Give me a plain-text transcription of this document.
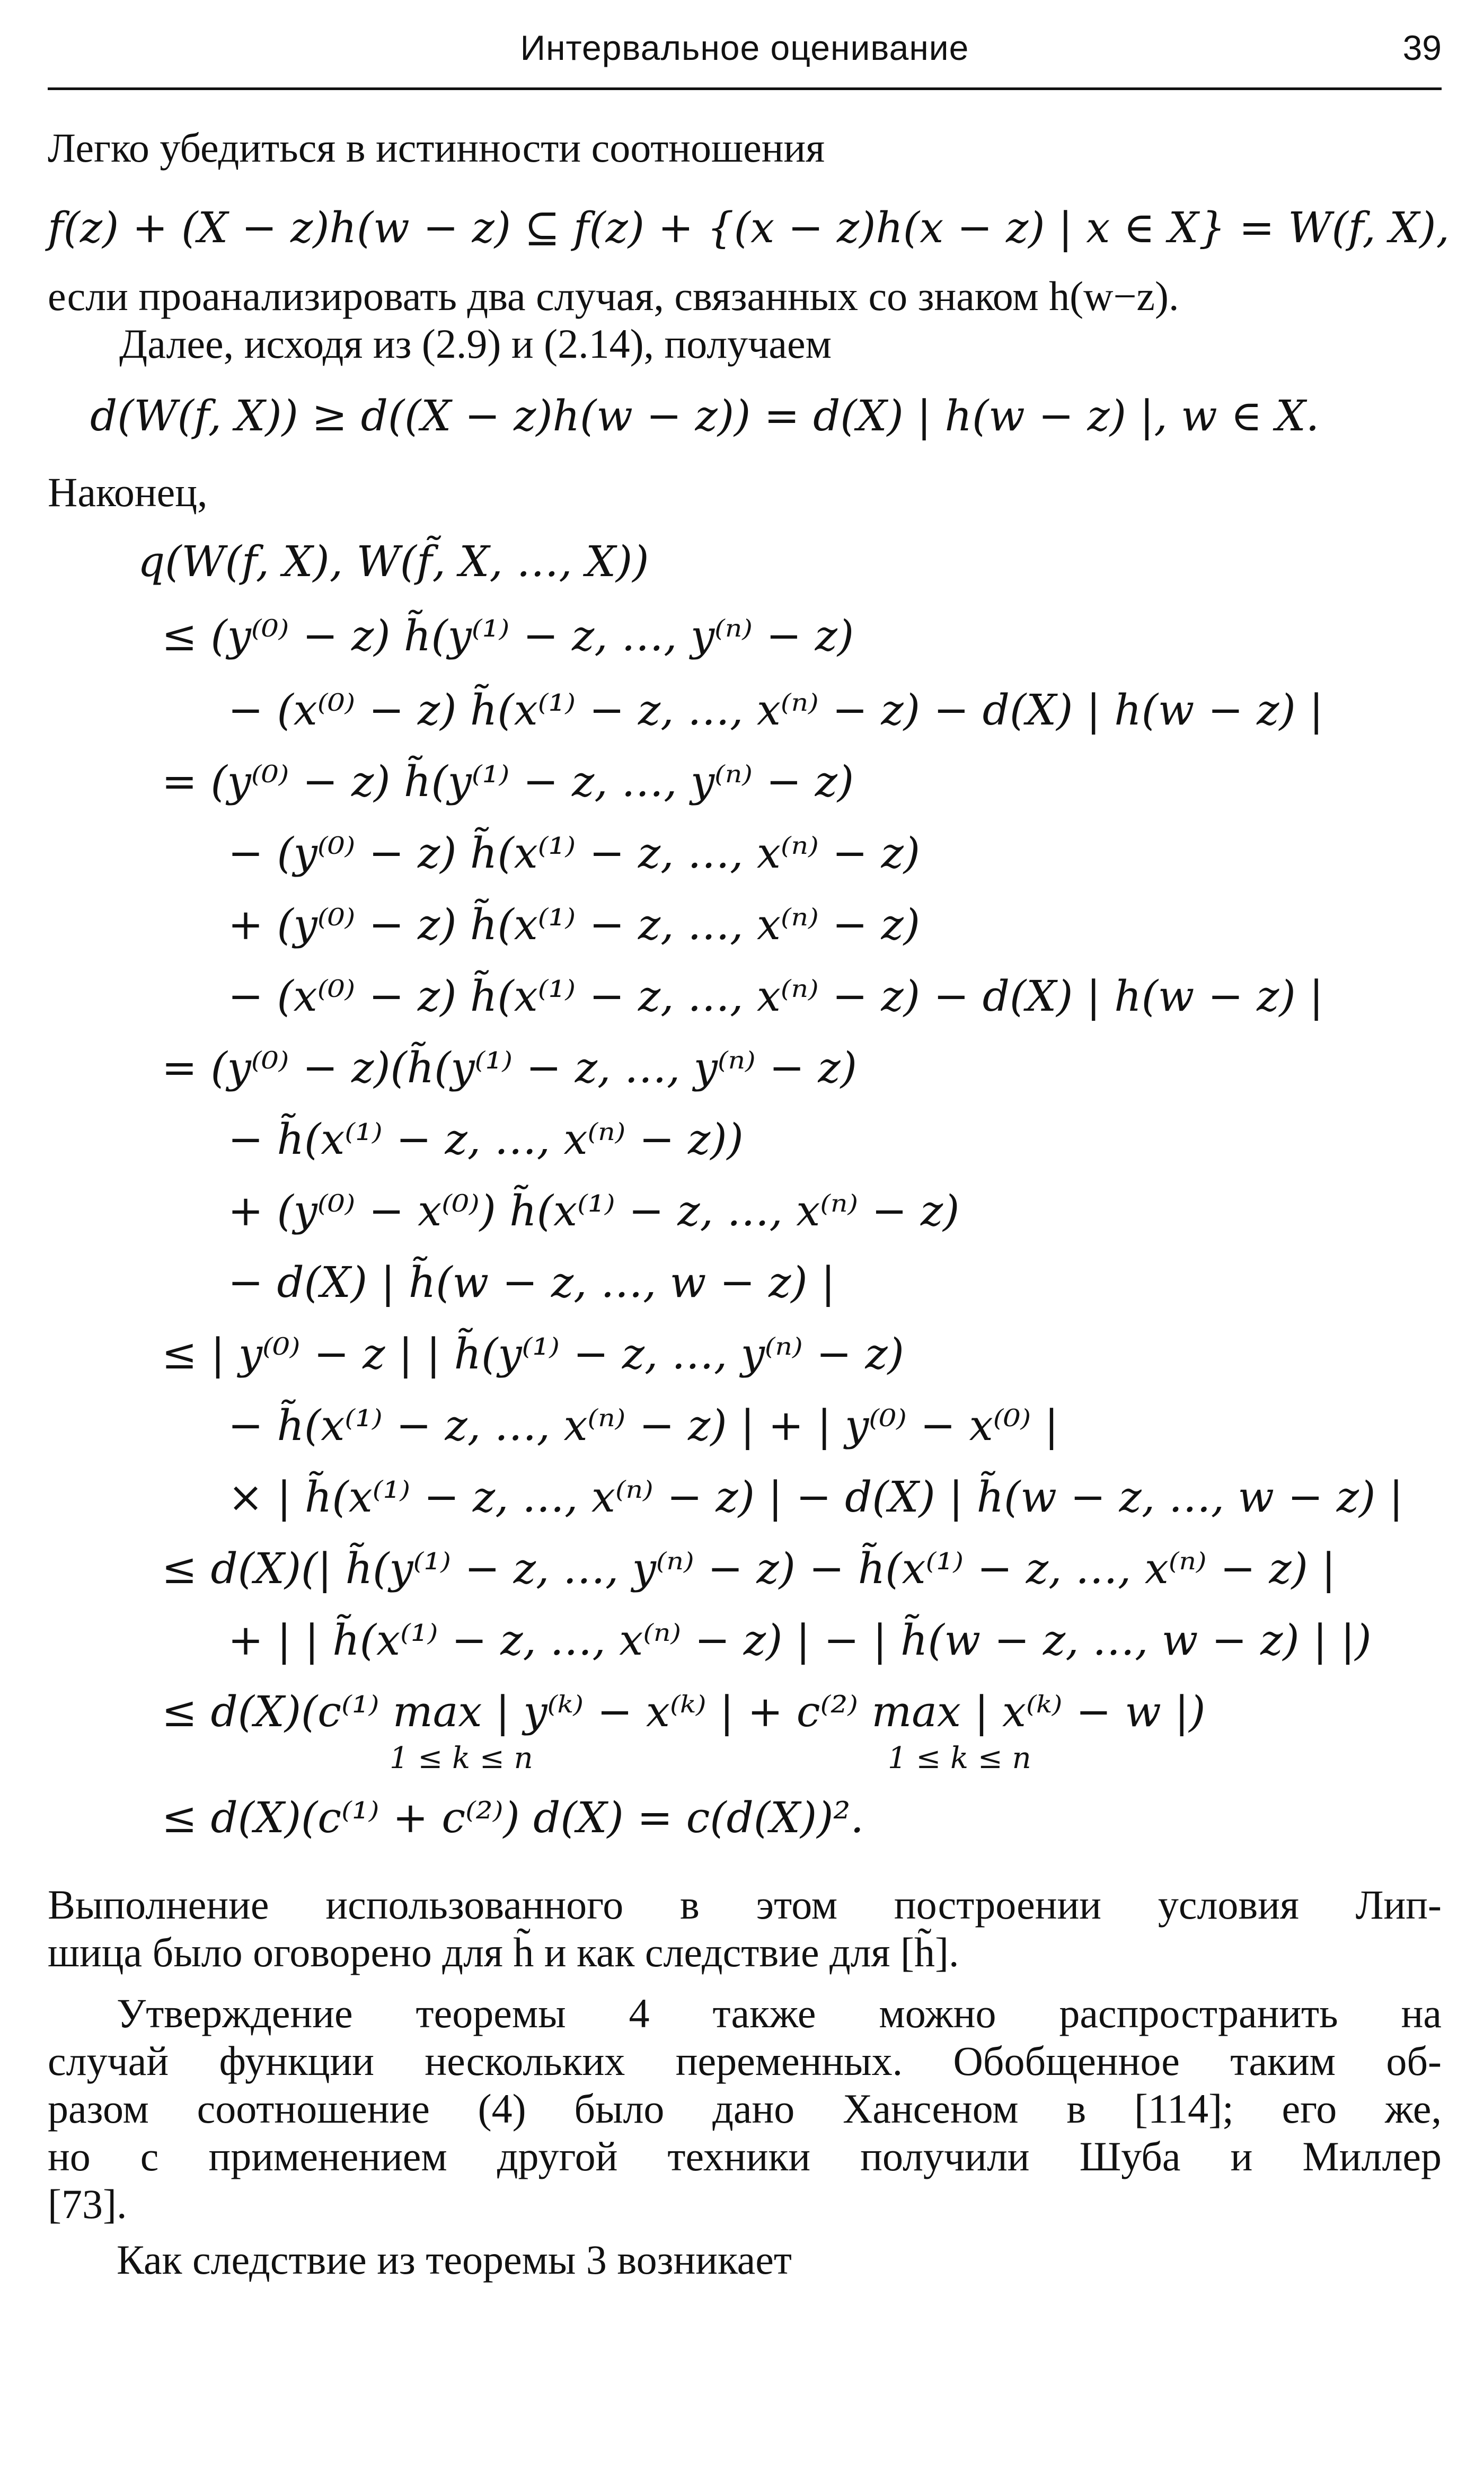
Интервальное оценивание	39
Легко убедиться в истинности соотношения
f(z) + (X − z)h(w − z) ⊆ f(z) + {(x − z)h(x − z) | x ∈ X} = W(f, X),
если проанализировать два случая, связанных со знаком h(w−z).
Далее, исходя из (2.9) и (2.14), получаем
d(W(f, X)) ≥ d((X − z)h(w − z)) = d(X) | h(w − z) |, w ∈ X.
Наконец,
q(W(f, X), W(f̃, X, …, X))
≤ (y⁽⁰⁾ − z) h̃(y⁽¹⁾ − z, …, y⁽ⁿ⁾ − z)
− (x⁽⁰⁾ − z) h̃(x⁽¹⁾ − z, …, x⁽ⁿ⁾ − z) − d(X) | h(w − z) |
= (y⁽⁰⁾ − z) h̃(y⁽¹⁾ − z, …, y⁽ⁿ⁾ − z)
− (y⁽⁰⁾ − z) h̃(x⁽¹⁾ − z, …, x⁽ⁿ⁾ − z)
+ (y⁽⁰⁾ − z) h̃(x⁽¹⁾ − z, …, x⁽ⁿ⁾ − z)
− (x⁽⁰⁾ − z) h̃(x⁽¹⁾ − z, …, x⁽ⁿ⁾ − z) − d(X) | h(w − z) |
= (y⁽⁰⁾ − z)(h̃(y⁽¹⁾ − z, …, y⁽ⁿ⁾ − z)
− h̃(x⁽¹⁾ − z, …, x⁽ⁿ⁾ − z))
+ (y⁽⁰⁾ − x⁽⁰⁾) h̃(x⁽¹⁾ − z, …, x⁽ⁿ⁾ − z)
− d(X) | h̃(w − z, …, w − z) |
≤ | y⁽⁰⁾ − z | | h̃(y⁽¹⁾ − z, …, y⁽ⁿ⁾ − z)
− h̃(x⁽¹⁾ − z, …, x⁽ⁿ⁾ − z) | + | y⁽⁰⁾ − x⁽⁰⁾ |
× | h̃(x⁽¹⁾ − z, …, x⁽ⁿ⁾ − z) | − d(X) | h̃(w − z, …, w − z) |
≤ d(X)(| h̃(y⁽¹⁾ − z, …, y⁽ⁿ⁾ − z) − h̃(x⁽¹⁾ − z, …, x⁽ⁿ⁾ − z) |
+ | | h̃(x⁽¹⁾ − z, …, x⁽ⁿ⁾ − z) | − | h̃(w − z, …, w − z) | |)
≤ d(X)(c⁽¹⁾ max | y⁽ᵏ⁾ − x⁽ᵏ⁾ | + c⁽²⁾ max | x⁽ᵏ⁾ − w |)
1 ≤ k ≤ n	1 ≤ k ≤ n
≤ d(X)(c⁽¹⁾ + c⁽²⁾) d(X) = c(d(X))².
Выполнение использованного в этом построении условия Лип-
шица было оговорено для h̃ и как следствие для [h̃].
Утверждение теоремы 4 также можно распространить на
случай функции нескольких переменных. Обобщенное таким об-
разом соотношение (4) было дано Хансеном в [114]; его же,
но с применением другой техники получили Шуба и Миллер
[73].
Как следствие из теоремы 3 возникает
